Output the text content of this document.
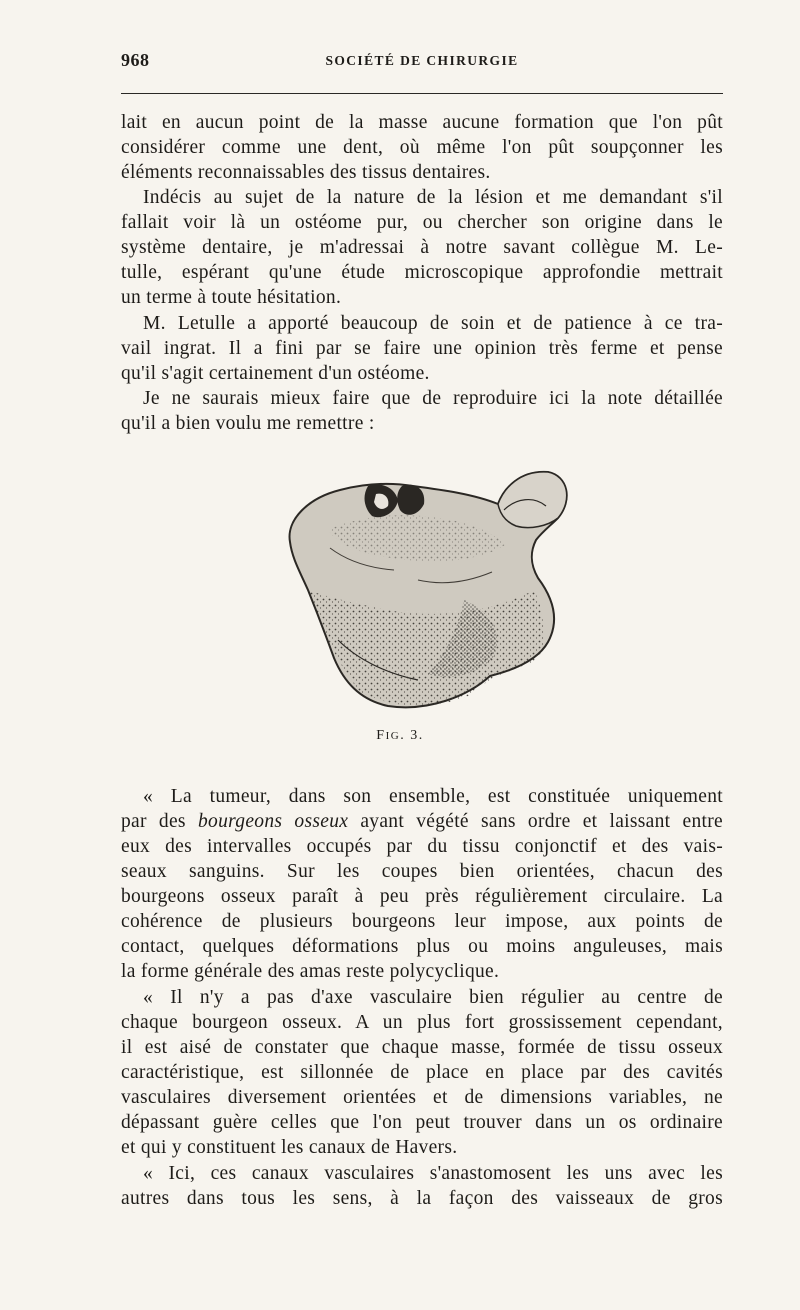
968	SOCIÉTÉ DE CHIRURGIE
lait en aucun point de la masse aucune formation que l'on pût
considérer comme une dent, où même l'on pût soupçonner les
éléments reconnaissables des tissus dentaires.
Indécis au sujet de la nature de la lésion et me demandant s'il
fallait voir là un ostéome pur, ou chercher son origine dans le
système dentaire, je m'adressai à notre savant collègue M. Le-
tulle, espérant qu'une étude microscopique approfondie mettrait
un terme à toute hésitation.
M. Letulle a apporté beaucoup de soin et de patience à ce tra-
vail ingrat. Il a fini par se faire une opinion très ferme et pense
qu'il s'agit certainement d'un ostéome.
Je ne saurais mieux faire que de reproduire ici la note détaillée
qu'il a bien voulu me remettre :
FIG. 3.
« La tumeur, dans son ensemble, est constituée uniquement
par des bourgeons osseux ayant végété sans ordre et laissant entre
eux des intervalles occupés par du tissu conjonctif et des vais-
seaux sanguins. Sur les coupes bien orientées, chacun des
bourgeons osseux paraît à peu près régulièrement circulaire. La
cohérence de plusieurs bourgeons leur impose, aux points de
contact, quelques déformations plus ou moins anguleuses, mais
la forme générale des amas reste polycyclique.
« Il n'y a pas d'axe vasculaire bien régulier au centre de
chaque bourgeon osseux. A un plus fort grossissement cependant,
il est aisé de constater que chaque masse, formée de tissu osseux
caractéristique, est sillonnée de place en place par des cavités
vasculaires diversement orientées et de dimensions variables, ne
dépassant guère celles que l'on peut trouver dans un os ordinaire
et qui y constituent les canaux de Havers.
« Ici, ces canaux vasculaires s'anastomosent les uns avec les
autres dans tous les sens, à la façon des vaisseaux de gros
